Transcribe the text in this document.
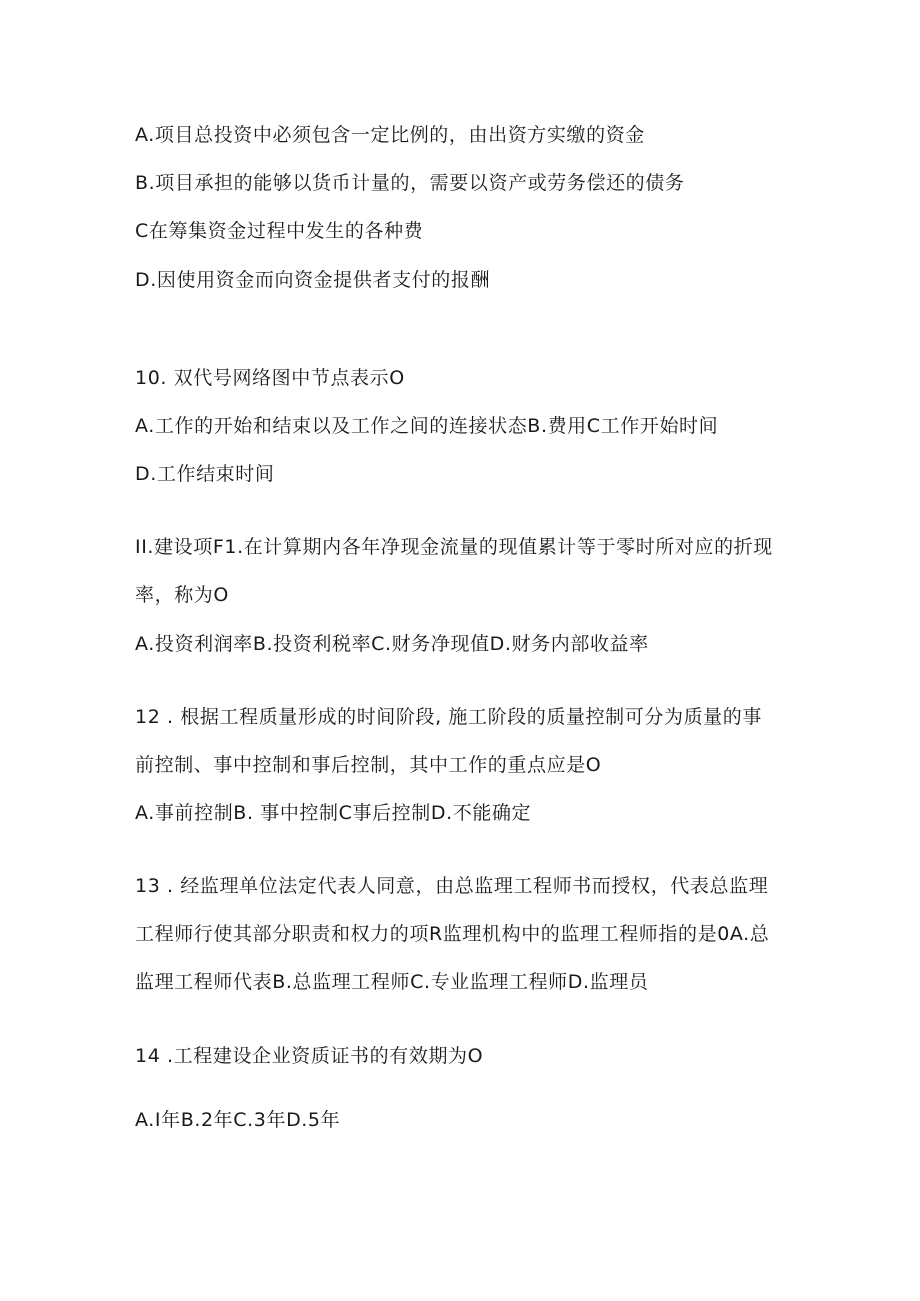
A.项目总投资中必须包含一定比例的，由出资方实缴的资金
B.项目承担的能够以货币计量的，需要以资产或劳务偿还的债务
C在筹集资金过程中发生的各种费
D.因使用资金而向资金提供者支付的报酬
10. 双代号网络图中节点表示O
A.工作的开始和结束以及工作之间的连接状态B.费用C工作开始时间
D.工作结束时间
II.建设项F1.在计算期内各年净现金流量的现值累计等于零时所对应的折现
率，称为O
A.投资利润率B.投资利税率C.财务净现值D.财务内部收益率
12 . 根据工程质量形成的时间阶段, 施工阶段的质量控制可分为质量的事
前控制、事中控制和事后控制，其中工作的重点应是O
A.事前控制B. 事中控制C事后控制D.不能确定
13 . 经监理单位法定代表人同意，由总监理工程师书而授权，代表总监理
工程师行使其部分职责和权力的项R监理机构中的监理工程师指的是0A.总
监理工程师代表B.总监理工程师C.专业监理工程师D.监理员
14 .工程建设企业资质证书的有效期为O
A.I年B.2年C.3年D.5年
